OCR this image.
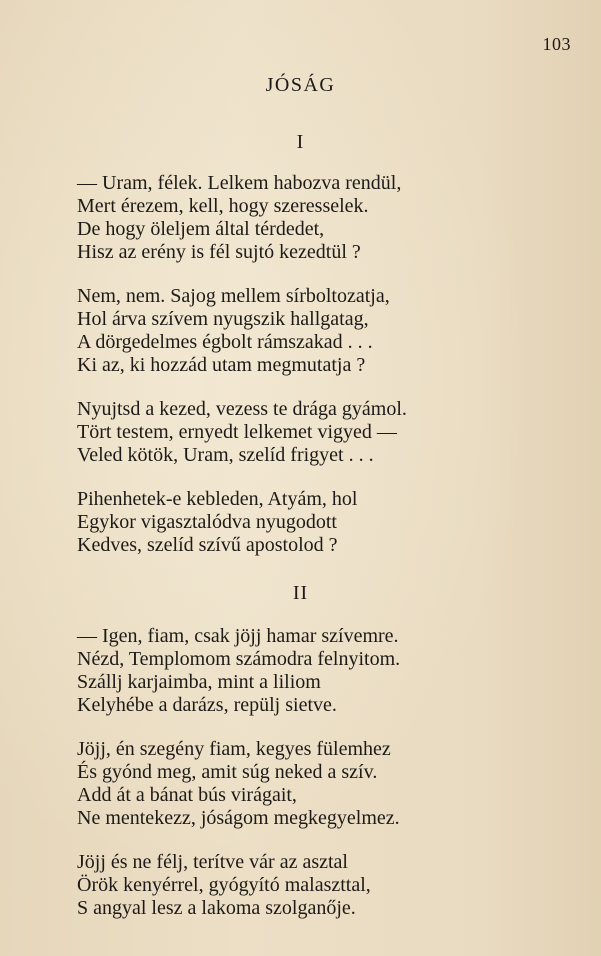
103
JÓSÁG
I
— Uram, félek. Lelkem habozva rendül,
Mert érezem, kell, hogy szeresselek.
De hogy öleljem által térdedet,
Hisz az erény is fél sujtó kezedtül ?
Nem, nem. Sajog mellem sírboltozatja,
Hol árva szívem nyugszik hallgatag,
A dörgedelmes égbolt rámszakad . . .
Ki az, ki hozzád utam megmutatja ?
Nyujtsd a kezed, vezess te drága gyámol.
Tört testem, ernyedt lelkemet vigyed —
Veled kötök, Uram, szelíd frigyet . . .
Pihenhetek-e kebleden, Atyám, hol
Egykor vigasztalódva nyugodott
Kedves, szelíd szívű apostolod ?
II
— Igen, fiam, csak jöjj hamar szívemre.
Nézd, Templomom számodra felnyitom.
Szállj karjaimba, mint a liliom
Kelyhébe a darázs, repülj sietve.
Jöjj, én szegény fiam, kegyes fülemhez
És gyónd meg, amit súg neked a szív.
Add át a bánat bús virágait,
Ne mentekezz, jóságom megkegyelmez.
Jöjj és ne félj, terítve vár az asztal
Örök kenyérrel, gyógyító malaszttal,
S angyal lesz a lakoma szolganője.
